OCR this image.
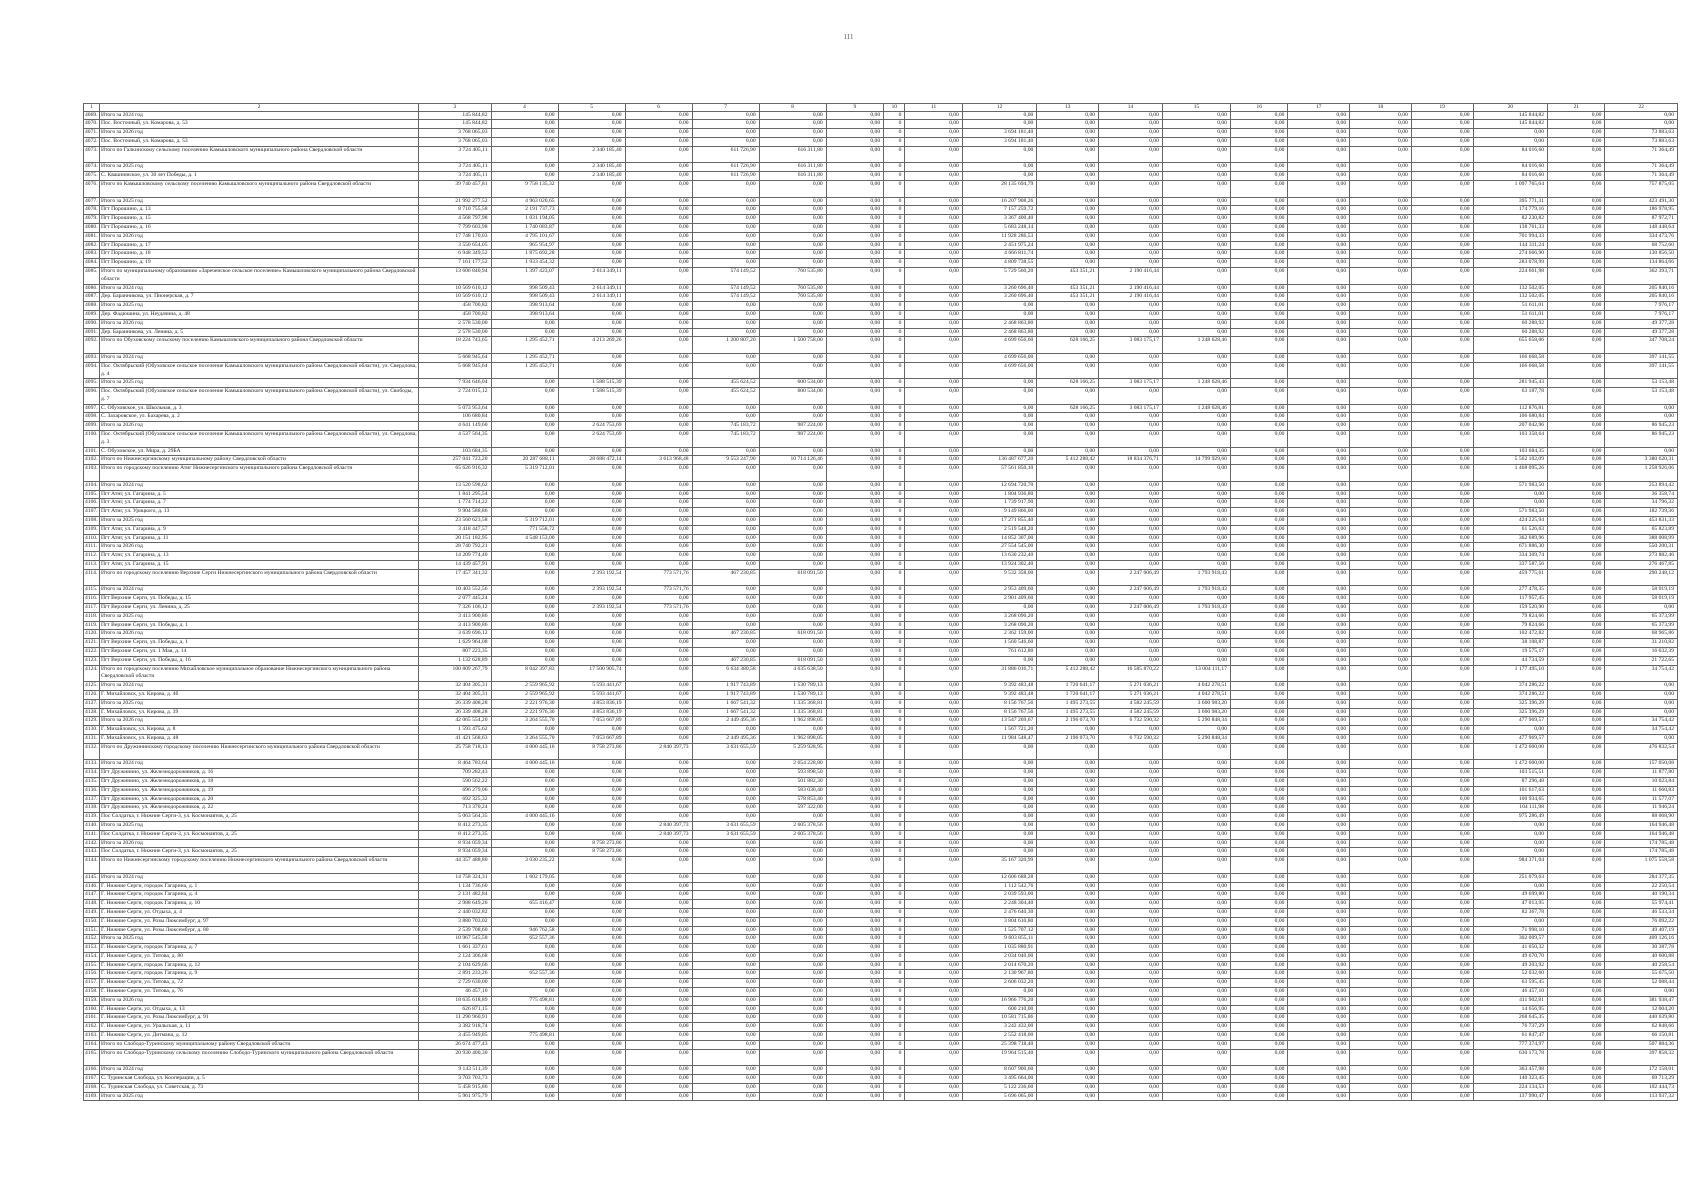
111
1	2	3	4	5	6	7	8	9	10	11	12	13	14	15	16	17	18	19	20	21	22
4069.	Итого за 2024 год	145 844,82	0,00	0,00	0,00	0,00	0,00	0,00	0	0,00	0,00	0,00	0,00	0,00	0,00	0,00	0,00	0,00	145 844,82	0,00	0,00
4070.	Пос. Восточный, ул. Комарова, д. 53	145 844,82	0,00	0,00	0,00	0,00	0,00	0,00	0	0,00	0,00	0,00	0,00	0,00	0,00	0,00	0,00	0,00	145 844,82	0,00	0,00
4071.	Итого за 2026 год	3 768 065,03	0,00	0,00	0,00	0,00	0,00	0,00	0	0,00	3 694 181,40	0,00	0,00	0,00	0,00	0,00	0,00	0,00	0,00	0,00	73 883,63
4072.	Пос. Восточный, ул. Комарова, д. 53	3 768 065,03	0,00	0,00	0,00	0,00	0,00	0,00	0	0,00	3 694 181,40	0,00	0,00	0,00	0,00	0,00	0,00	0,00	0,00	0,00	73 883,63
4073.	Итого по Галкинскому сельскому поселению Камышловского муниципального района Свердловской области	3 724 405,11	0,00	2 340 185,40	0,00	611 726,90	616 311,80	0,00	0	0,00	0,00	0,00	0,00	0,00	0,00	0,00	0,00	0,00	84 016,60	0,00	71 364,49
4074.	Итого за 2025 год	3 724 405,11	0,00	2 340 185,40	0,00	611 726,90	616 311,80	0,00	0	0,00	0,00	0,00	0,00	0,00	0,00	0,00	0,00	0,00	84 016,60	0,00	71 364,49
4075.	С. Квашнинское, ул. 30 лет Победы, д. 1	3 724 405,11	0,00	2 340 185,40	0,00	611 726,90	616 311,80	0,00	0	0,00	0,00	0,00	0,00	0,00	0,00	0,00	0,00	0,00	84 016,60	0,00	71 364,49
4076.	Итого по Камышловскому сельскому поселению Камышловского муниципального района Свердловской области	39 740 457,81	9 758 135,32	0,00	0,00	0,00	0,00	0,00	0	0,00	28 135 694,79	0,00	0,00	0,00	0,00	0,00	0,00	0,00	1 097 765,64	0,00	757 875,05
4077.	Итого за 2025 год	21 992 277,52	4 963 020,65	0,00	0,00	0,00	0,00	0,00	0	0,00	16 207 908,26	0,00	0,00	0,00	0,00	0,00	0,00	0,00	395 771,31	0,00	423 491,30
4078.	Пгт Порошино, д. 13	8 710 755,58	2 191 737,73	0,00	0,00	0,00	0,00	0,00	0	0,00	7 157 259,72	0,00	0,00	0,00	0,00	0,00	0,00	0,00	174 779,16	0,00	186 978,95
4079.	Пгт Порошино, д. 15	4 568 797,98	1 031 194,05	0,00	0,00	0,00	0,00	0,00	0	0,00	3 367 400,40	0,00	0,00	0,00	0,00	0,00	0,00	0,00	82 230,82	0,00	87 972,71
4080.	Пгт Порошино, д. 16	7 799 603,98	1 740 083,87	0,00	0,00	0,00	0,00	0,00	0	0,00	5 683 248,14	0,00	0,00	0,00	0,00	0,00	0,00	0,00	138 761,33	0,00	148 448,64
4081.	Итого за 2026 год	17 748 170,03	4 795 101,67	0,00	0,00	0,00	0,00	0,00	0	0,00	11 928 286,53	0,00	0,00	0,00	0,00	0,00	0,00	0,00	701 994,33	0,00	334 473,76
4082.	Пгт Порошино, д. 17	3 550 654,05	965 954,97	0,00	0,00	0,00	0,00	0,00	0	0,00	2 451 975,24	0,00	0,00	0,00	0,00	0,00	0,00	0,00	144 311,24	0,00	68 752,60
4083.	Пгт Порошино, д. 18	6 948 349,52	1 875 692,28	0,00	0,00	0,00	0,00	0,00	0	0,00	4 666 811,74	0,00	0,00	0,00	0,00	0,00	0,00	0,00	274 666,90	0,00	130 856,50
4084.	Пгт Порошино, д. 19	7 161 177,52	1 933 454,32	0,00	0,00	0,00	0,00	0,00	0	0,00	4 809 738,55	0,00	0,00	0,00	0,00	0,00	0,00	0,00	283 078,99	0,00	134 864,66
4085.	Итого по муниципальному образованию «Зареченское сельское поселение» Камышловского муниципального района Свердловской области	13 606 840,94	1 397 423,07	2 614 349,11	0,00	574 149,52	760 535,80	0,00	0	0,00	5 729 560,20	453 351,21	2 190 416,44	0,00	0,00	0,00	0,00	0,00	224 661,98	0,00	362 393,71
4086.	Итого за 2024 год	10 569 610,12	998 509,43	2 614 349,11	0,00	574 149,52	760 535,80	0,00	0	0,00	3 260 696,40	453 351,21	2 190 416,44	0,00	0,00	0,00	0,00	0,00	132 502,05	0,00	205 840,16
4087.	Дер. Баранникова, ул. Пионерская, д. 7	10 569 610,12	998 509,43	2 614 349,11	0,00	574 149,52	760 535,80	0,00	0	0,00	3 260 696,40	453 351,21	2 190 416,44	0,00	0,00	0,00	0,00	0,00	132 502,05	0,00	205 840,16
4088.	Итого за 2025 год	458 700,82	398 913,64	0,00	0,00	0,00	0,00	0,00	0	0,00	0,00	0,00	0,00	0,00	0,00	0,00	0,00	0,00	51 611,01	0,00	7 976,17
4089.	Дер. Фадюшина, ул. Неудачина, д. 48	458 700,82	398 913,64	0,00	0,00	0,00	0,00	0,00	0	0,00	0,00	0,00	0,00	0,00	0,00	0,00	0,00	0,00	51 611,01	0,00	7 976,17
4090.	Итого за 2026 год	2 578 530,00	0,00	0,00	0,00	0,00	0,00	0,00	0	0,00	2 468 863,80	0,00	0,00	0,00	0,00	0,00	0,00	0,00	60 288,92	0,00	49 377,28
4091.	Дер. Баранникова, ул. Ленина, д. 5	2 578 530,00	0,00	0,00	0,00	0,00	0,00	0,00	0	0,00	2 468 863,80	0,00	0,00	0,00	0,00	0,00	0,00	0,00	60 288,92	0,00	49 377,28
4092.	Итого по Обуховскому сельскому поселению Камышловского муниципального района Свердловской области	18 224 743,65	1 295 452,71	4 213 269,26	0,00	1 200 807,20	1 500 758,00	0,00	0	0,00	4 699 656,60	628 166,25	3 083 175,17	1 248 628,46	0,00	0,00	0,00	0,00	655 658,06	0,00	347 708,24
4093.	Итого за 2024 год	5 668 945,64	1 295 452,71	0,00	0,00	0,00	0,00	0,00	0	0,00	4 699 656,00	0,00	0,00	0,00	0,00	0,00	0,00	0,00	166 668,58	0,00	397 141,55
4094.	Пос. Октябрьский (Обуховское сельское поселение Камышловского муниципального района Свердловской области), ул. Свердлова, д. 4	5 668 945,64	1 295 452,71	0,00	0,00	0,00	0,00	0,00	0	0,00	4 699 656,00	0,00	0,00	0,00	0,00	0,00	0,00	0,00	166 668,58	0,00	397 141,55
4095.	Итого за 2025 год	7 934 646,04	0,00	1 588 515,39	0,00	455 624,52	600 534,00	0,00	0	0,00	0,00	628 166,25	3 083 175,17	1 248 628,46	0,00	0,00	0,00	0,00	281 945,43	0,00	53 153,48
4096.	Пос. Октябрьский (Обуховское сельское поселение Камышловского муниципального района Свердловской области), ул. Свободы, д. 7	2 724 015,12	0,00	1 588 515,39	0,00	455 624,52	600 534,00	0,00	0	0,00	0,00	0,00	0,00	0,00	0,00	0,00	0,00	0,00	63 187,78	0,00	53 153,48
4097.	С. Обуховское, ул. Школьная, д. 3	5 073 953,64	0,00	0,00	0,00	0,00	0,00	0,00	0	0,00	0,00	628 166,25	3 083 175,17	1 248 628,46	0,00	0,00	0,00	0,00	112 876,81	0,00	0,00
4098.	С. Захаровское, ул. Бахарева, д. 2	106 680,84	0,00	0,00	0,00	0,00	0,00	0,00	0	0,00	0,00	0,00	0,00	0,00	0,00	0,00	0,00	0,00	106 680,84	0,00	0,00
4099.	Итого за 2026 год	4 641 149,60	0,00	2 624 753,69	0,00	745 183,72	987 224,00	0,00	0	0,00	0,00	0,00	0,00	0,00	0,00	0,00	0,00	0,00	207 042,96	0,00	86 945,23
4100.	Пос. Октябрьский (Обуховское сельское поселение Камышловского муниципального района Свердловской области), ул. Свердлова, д. 3	4 537 564,35	0,00	2 624 753,69	0,00	745 183,72	987 224,00	0,00	0	0,00	0,00	0,00	0,00	0,00	0,00	0,00	0,00	0,00	103 358,64	0,00	86 945,23
4101.	С. Обуховское, ул. Мира, д. 29БА	103 684,35	0,00	0,00	0,00	0,00	0,00	0,00	0	0,00	0,00	0,00	0,00	0,00	0,00	0,00	0,00	0,00	103 684,35	0,00	0,00
4102.	Итого по Нижнесергинскому муниципальному району Свердловской области	257 041 723,20	20 287 688,11	28 688 472,14	3 613 968,48	9 553 247,90	10 714 126,46	0,00	0	0,00	136 487 677,20	5 412 288,42	18 834 376,71	14 799 929,60	0,00	0,00	0,00	0,00	5 562 102,09	0,00	3 380 620,31
4103.	Итого по городскому поселению Атиг Нижнесергинского муниципального района Свердловской области	65 626 916,32	5 319 712,01	0,00	0,00	0,00	0,00	0,00	0	0,00	57 561 850,10	0,00	0,00	0,00	0,00	0,00	0,00	0,00	1 468 095,26	0,00	1 258 926,06
4104.	Итого за 2024 год	13 520 598,62	0,00	0,00	0,00	0,00	0,00	0,00	0	0,00	12 694 720,70	0,00	0,00	0,00	0,00	0,00	0,00	0,00	571 983,50	0,00	253 894,42
4105.	Пгт Атиг, ул. Гагарина, д. 5	1 841 295,54	0,00	0,00	0,00	0,00	0,00	0,00	0	0,00	1 804 936,80	0,00	0,00	0,00	0,00	0,00	0,00	0,00	0,00	0,00	36 358,74
4106.	Пгт Атиг, ул. Гагарина, д. 7	1 774 714,22	0,00	0,00	0,00	0,00	0,00	0,00	0	0,00	1 739 917,90	0,00	0,00	0,00	0,00	0,00	0,00	0,00	0,00	0,00	34 796,32
4107.	Пгт Атиг, ул. Урицкого, д. 13	9 904 588,86	0,00	0,00	0,00	0,00	0,00	0,00	0	0,00	9 149 866,00	0,00	0,00	0,00	0,00	0,00	0,00	0,00	571 983,50	0,00	182 739,36
4108.	Итого за 2025 год	23 560 623,58	5 319 712,01	0,00	0,00	0,00	0,00	0,00	0	0,00	17 271 855,40	0,00	0,00	0,00	0,00	0,00	0,00	0,00	424 225,94	0,00	453 831,33
4109.	Пгт Атиг, ул. Гагарина, д. 9	3 418 447,57	771 558,72	0,00	0,00	0,00	0,00	0,00	0	0,00	2 519 548,20	0,00	0,00	0,00	0,00	0,00	0,00	0,00	61 526,63	0,00	65 823,89
4110.	Пгт Атиг, ул. Гагарина, д. 11	20 151 182,95	4 548 153,00	0,00	0,00	0,00	0,00	0,00	0	0,00	14 852 307,00	0,00	0,00	0,00	0,00	0,00	0,00	0,00	362 689,96	0,00	388 008,99
4111.	Итого за 2026 год	28 740 792,21	0,00	0,00	0,00	0,00	0,00	0,00	0	0,00	27 554 545,00	0,00	0,00	0,00	0,00	0,00	0,00	0,00	671 886,30	0,00	550 200,31
4112.	Пгт Атиг, ул. Гагарина, д. 13	14 209 774,40	0,00	0,00	0,00	0,00	0,00	0,00	0	0,00	13 630 232,40	0,00	0,00	0,00	0,00	0,00	0,00	0,00	334 309,74	0,00	273 882,46
4113.	Пгт Атиг, ул. Гагарина, д. 15	14 439 457,91	0,00	0,00	0,00	0,00	0,00	0,00	0	0,00	13 924 302,40	0,00	0,00	0,00	0,00	0,00	0,00	0,00	337 587,56	0,00	276 467,85
4114.	Итого по городскому поселению Верхние Серги Нижнесергинского муниципального района Свердловской области	17 457 341,32	0,00	2 393 192,54	773 571,76	467 230,85	618 091,50	0,00	0	0,00	9 532 358,00	0,00	2 247 006,49	1 793 918,43	0,00	0,00	0,00	0,00	459 775,61	0,00	290 248,12
4115.	Итого за 2024 год	10 403 552,56	0,00	2 393 192,54	773 571,76	0,00	0,00	0,00	0	0,00	2 953 409,60	0,00	2 247 006,49	1 793 918,43	0,00	0,00	0,00	0,00	277 478,35	0,00	58 019,19
4116.	Пгт Верхние Серги, ул. Победы, д. 15	2 077 445,24	0,00	0,00	0,00	0,00	0,00	0,00	0	0,00	2 901 409,60	0,00	0,00	0,00	0,00	0,00	0,00	0,00	117 957,45	0,00	58 019,19
4117.	Пгт Верхние Серги, ул. Ленина, д. 25	7 326 106,12	0,00	2 393 192,54	773 571,76	0,00	0,00	0,00	0	0,00	0,00	0,00	2 247 006,49	1 793 918,43	0,00	0,00	0,00	0,00	159 520,90	0,00	0,00
4118.	Итого за 2025 год	3 413 900,86	0,00	0,00	0,00	0,00	0,00	0,00	0	0,00	3 268 090,20	0,00	0,00	0,00	0,00	0,00	0,00	0,00	79 824,66	0,00	65 373,99
4119.	Пгт Верхние Серги, ул. Победы, д. 1	3 413 900,86	0,00	0,00	0,00	0,00	0,00	0,00	0	0,00	3 268 090,20	0,00	0,00	0,00	0,00	0,00	0,00	0,00	79 824,66	0,00	65 373,99
4120.	Итого за 2026 год	3 639 696,12	0,00	0,00	0,00	467 230,85	618 091,50	0,00	0	0,00	2 362 159,00	0,00	0,00	0,00	0,00	0,00	0,00	0,00	102 472,82	0,00	68 965,86
4121.	Пгт Верхние Серги, ул. Победы, д. 1	1 629 964,08	0,00	0,00	0,00	0,00	0,00	0,00	0	0,00	1 560 546,60	0,00	0,00	0,00	0,00	0,00	0,00	0,00	38 108,87	0,00	31 210,82
4122.	Пгт Верхние Серги, ул. 1 Мая, д. 14	807 223,35	0,00	0,00	0,00	0,00	0,00	0,00	0	0,00	761 612,80	0,00	0,00	0,00	0,00	0,00	0,00	0,00	19 575,17	0,00	16 032,39
4123.	Пгт Верхние Серги, ул. Победы, д. 16	1 132 628,89	0,00	0,00	0,00	467 230,85	618 091,50	0,00	0	0,00	0,00	0,00	0,00	0,00	0,00	0,00	0,00	0,00	44 734,59	0,00	21 722,65
4124.	Итого по городскому поселению Михайловское муниципальное образование Нижнесергинского муниципального района Свердловской области	100 809 267,79	8 042 397,83	17 500 905,74	0,00	6 634 380,58	4 635 638,50	0,00	0	0,00	31 886 016,71	5 412 288,42	16 585 870,22	13 004 111,17	0,00	0,00	0,00	0,00	1 177 495,10	0,00	34 754,42
4125.	Итого за 2024 год	32 404 305,31	2 559 965,92	5 593 441,67	0,00	1 917 743,89	1 530 789,13	0,00	0	0,00	9 392 483,48	1 720 641,17	5 271 036,21	4 042 278,51	0,00	0,00	0,00	0,00	374 286,22	0,00	0,00
4126.	Г. Михайловск, ул. Кирова, д. 4б	32 404 305,31	2 559 965,92	5 593 441,67	0,00	1 917 743,89	1 530 789,13	0,00	0	0,00	9 392 483,48	1 720 641,17	5 271 036,21	4 042 278,51	0,00	0,00	0,00	0,00	374 286,22	0,00	0,00
4127.	Итого за 2025 год	26 339 408,28	2 221 976,30	4 853 836,19	0,00	1 667 541,32	1 335 368,81	0,00	0	0,00	8 156 767,56	1 495 273,55	4 582 245,59	3 600 983,20	0,00	0,00	0,00	0,00	325 396,29	0,00	0,00
4128.	Г. Михайловск, ул. Кирова, д. 39	26 339 408,28	2 221 976,30	4 853 836,19	0,00	1 667 541,32	1 335 368,81	0,00	0	0,00	8 156 767,56	1 495 273,55	4 582 245,59	3 600 983,20	0,00	0,00	0,00	0,00	325 396,29	0,00	0,00
4129.	Итого за 2026 год	42 065 554,20	3 264 555,70	7 053 667,89	0,00	2 449 495,36	1 962 898,05	0,00	0	0,00	13 547 269,67	2 196 073,70	6 732 590,32	5 290 848,34	0,00	0,00	0,00	0,00	477 969,57	0,00	34 754,42
4130.	Г. Михайловск, ул. Кирова, д. 8	1 593 475,62	0,00	0,00	0,00	0,00	0,00	0,00	0	0,00	1 567 721,20	0,00	0,00	0,00	0,00	0,00	0,00	0,00	0,00	0,00	34 754,42
4131.	Г. Михайловск, ул. Кирова, д. 48	41 421 568,63	3 264 555,70	7 053 667,89	0,00	2 449 495,36	1 962 898,05	0,00	0	0,00	11 984 548,47	2 196 073,70	6 732 590,32	5 290 848,34	0,00	0,00	0,00	0,00	477 969,57	0,00	0,00
4132.	Итого по Дружининскому городскому поселению Нижнесергинского муниципального района Свердловской области	25 758 718,13	4 000 445,16	8 758 273,86	2 840 397,73	3 631 655,59	5 259 928,95	0,00	0	0,00	0,00	0,00	0,00	0,00	0,00	0,00	0,00	0,00	1 472 600,00	0,00	476 832,54
4133.	Итого за 2024 год	8 464 783,64	4 000 445,16	0,00	0,00	0,00	2 654 228,80	0,00	0	0,00	0,00	0,00	0,00	0,00	0,00	0,00	0,00	0,00	1 472 600,00	0,00	157 050,08
4134.	Пгт Дружинино, ул. Железнодорожников, д. 16	709 282,43	0,00	0,00	0,00	0,00	593 898,50	0,00	0	0,00	0,00	0,00	0,00	0,00	0,00	0,00	0,00	0,00	103 515,51	0,00	11 877,80
4135.	Пгт Дружинино, ул. Железнодорожников, д. 18	590 562,22	0,00	0,00	0,00	0,00	501 882,30	0,00	0	0,00	0,00	0,00	0,00	0,00	0,00	0,00	0,00	0,00	87 296,48	0,00	10 023,84
4136.	Пгт Дружинино, ул. Железнодорожников, д. 19	696 279,06	0,00	0,00	0,00	0,00	583 030,40	0,00	0	0,00	0,00	0,00	0,00	0,00	0,00	0,00	0,00	0,00	101 617,63	0,00	11 660,83
4137.	Пгт Дружинино, ул. Железнодорожников, д. 20	692 325,32	0,00	0,00	0,00	0,00	578 853,40	0,00	0	0,00	0,00	0,00	0,00	0,00	0,00	0,00	0,00	0,00	100 934,65	0,00	11 577,07
4138.	Пгт Дружинино, ул. Железнодорожников, д. 22	713 370,24	0,00	0,00	0,00	0,00	597 322,00	0,00	0	0,00	0,00	0,00	0,00	0,00	0,00	0,00	0,00	0,00	104 111,98	0,00	11 946,24
4139.	Пос Солдатка, г. Нижние Серги-3, ул. Космонавтов, д. 25	5 063 564,35	4 000 445,16	0,00	0,00	0,00	0,00	0,00	0	0,00	0,00	0,00	0,00	0,00	0,00	0,00	0,00	0,00	975 286,49	0,00	88 068,90
4140.	Итого за 2025 год	8 412 273,35	0,00	0,00	2 840 397,73	3 631 655,59	2 605 378,56	0,00	0	0,00	0,00	0,00	0,00	0,00	0,00	0,00	0,00	0,00	0,00	0,00	164 946,48
4141.	Пос Солдатка, г. Нижние Серги-3, ул. Космонавтов, д. 25	8 412 273,35	0,00	0,00	2 840 397,73	3 631 655,59	2 605 378,56	0,00	0	0,00	0,00	0,00	0,00	0,00	0,00	0,00	0,00	0,00	0,00	0,00	164 946,48
4142.	Итого за 2026 год	8 934 059,34	0,00	8 758 273,86	0,00	0,00	0,00	0,00	0	0,00	0,00	0,00	0,00	0,00	0,00	0,00	0,00	0,00	0,00	0,00	174 785,48
4143.	Пос Солдатка, г. Нижние Серги-3, ул. Космонавтов, д. 25	8 934 059,34	0,00	8 758 273,86	0,00	0,00	0,00	0,00	0	0,00	0,00	0,00	0,00	0,00	0,00	0,00	0,00	0,00	0,00	0,00	174 785,48
4144.	Итого по Нижнесергинскому городскому поселению Нижнесергинского муниципального района Свердловской области	44 357 488,80	3 030 235,22	0,00	0,00	0,00	0,00	0,00	0	0,00	35 167 320,99	0,00	0,00	0,00	0,00	0,00	0,00	0,00	984 371,04	0,00	1 075 558,58
4145.	Итого за 2024 год	14 758 324,31	1 602 179,05	0,00	0,00	0,00	0,00	0,00	0	0,00	12 606 688,28	0,00	0,00	0,00	0,00	0,00	0,00	0,00	251 079,63	0,00	284 377,35
4146.	Г. Нижние Серги, городок Гагарина, д. 1	1 134 736,60	0,00	0,00	0,00	0,00	0,00	0,00	0	0,00	1 112 542,76	0,00	0,00	0,00	0,00	0,00	0,00	0,00	0,00	0,00	22 250,54
4147.	Г. Нижние Серги, городок Гагарина, д. 4	2 131 482,84	0,00	0,00	0,00	0,00	0,00	0,00	0	0,00	2 039 593,00	0,00	0,00	0,00	0,00	0,00	0,00	0,00	49 699,80	0,00	40 190,34
4148.	Г. Нижние Серги, городок Гагарина, д. 10	2 988 649,26	655 416,47	0,00	0,00	0,00	0,00	0,00	0	0,00	2 248 304,40	0,00	0,00	0,00	0,00	0,00	0,00	0,00	47 013,95	0,00	55 974,41
4149.	Г. Нижние Серги, ул. Отдыха, д. 4	2 440 032,82	0,00	0,00	0,00	0,00	0,00	0,00	0	0,00	2 476 640,30	0,00	0,00	0,00	0,00	0,00	0,00	0,00	82 367,78	0,00	46 533,34
4150.	Г. Нижние Серги, ул. Розы Люксембург, д. 97	3 880 703,02	0,00	0,00	0,00	0,00	0,00	0,00	0	0,00	3 804 610,80	0,00	0,00	0,00	0,00	0,00	0,00	0,00	0,00	0,00	76 092,22
4151.	Г. Нижние Серги, ул. Розы Люксембург, д. 80	2 539 708,60	946 762,58	0,00	0,00	0,00	0,00	0,00	0	0,00	1 525 707,12	0,00	0,00	0,00	0,00	0,00	0,00	0,00	71 998,10	0,00	49 407,19
4152.	Итого за 2025 год	10 967 545,58	652 557,36	0,00	0,00	0,00	0,00	0,00	0	0,00	9 603 855,11	0,00	0,00	0,00	0,00	0,00	0,00	0,00	302 009,57	0,00	409 126,16
4153.	Г. Нижние Серги, городок Гагарина, д. 7	1 661 337,61	0,00	0,00	0,00	0,00	0,00	0,00	0	0,00	1 035 880,91	0,00	0,00	0,00	0,00	0,00	0,00	0,00	41 050,32	0,00	30 387,78
4154.	Г. Нижние Серги, ул. Титова, д. 80	2 124 306,68	0,00	0,00	0,00	0,00	0,00	0,00	0	0,00	2 034 040,00	0,00	0,00	0,00	0,00	0,00	0,00	0,00	49 670,70	0,00	40 600,88
4155.	Г. Нижние Серги, городок Гагарина, д. 12	2 104 629,66	0,00	0,00	0,00	0,00	0,00	0,00	0	0,00	2 014 670,20	0,00	0,00	0,00	0,00	0,00	0,00	0,00	49 203,92	0,00	40 258,54
4156.	Г. Нижние Серги, городок Гагарина, д. 9	2 891 233,26	652 557,36	0,00	0,00	0,00	0,00	0,00	0	0,00	2 130 967,80	0,00	0,00	0,00	0,00	0,00	0,00	0,00	52 032,60	0,00	55 675,50
4157.	Г. Нижние Серги, ул. Титова, д. 72	2 729 630,00	0,00	0,00	0,00	0,00	0,00	0,00	0	0,00	2 606 032,20	0,00	0,00	0,00	0,00	0,00	0,00	0,00	63 595,45	0,00	52 088,44
4158.	Г. Нижние Серги, ул. Титова, д. 76	46 457,10	0,00	0,00	0,00	0,00	0,00	0,00	0	0,00	0,00	0,00	0,00	0,00	0,00	0,00	0,00	0,00	46 457,10	0,00	0,00
4159.	Итого за 2026 год	18 635 618,89	775 498,81	0,00	0,00	0,00	0,00	0,00	0	0,00	16 966 776,20	0,00	0,00	0,00	0,00	0,00	0,00	0,00	411 902,81	0,00	381 938,47
4160.	Г. Нижние Серги, ул. Отдыха, д. 13	626 871,15	0,00	0,00	0,00	0,00	0,00	0,00	0	0,00	600 210,00	0,00	0,00	0,00	0,00	0,00	0,00	0,00	14 656,95	0,00	12 004,20
4161.	Г. Нижние Серги, ул. Розы Люксембург, д. 91	11 290 960,91	0,00	0,00	0,00	0,00	0,00	0,00	0	0,00	10 581 715,86	0,00	0,00	0,00	0,00	0,00	0,00	0,00	268 645,35	0,00	440 639,80
4162.	Г. Нижние Серги, ул. Уральская, д. 11	3 382 918,74	0,00	0,00	0,00	0,00	0,00	0,00	0	0,00	3 242 432,00	0,00	0,00	0,00	0,00	0,00	0,00	0,00	76 737,29	0,00	62 848,66
4163.	Г. Нижние Серги, ул. Дитмана, д. 12	3 455 949,85	775 498,81	0,00	0,00	0,00	0,00	0,00	0	0,00	2 552 418,00	0,00	0,00	0,00	0,00	0,00	0,00	0,00	61 847,47	0,00	66 150,81
4164.	Итого по Слободо-Туринскому муниципальному району Свердловской области	26 674 477,43	0,00	0,00	0,00	0,00	0,00	0,00	0	0,00	25 398 718,40	0,00	0,00	0,00	0,00	0,00	0,00	0,00	777 374,97	0,00	507 884,36
4165.	Итого по Слободо-Туринскому сельскому поселению Слободо-Туринского муниципального района Свердловской области	20 930 400,30	0,00	0,00	0,00	0,00	0,00	0,00	0	0,00	19 964 515,40	0,00	0,00	0,00	0,00	0,00	0,00	0,00	630 173,78	0,00	397 858,32
4166.	Итого за 2024 год	9 143 511,39	0,00	0,00	0,00	0,00	0,00	0,00	0	0,00	8 607 900,60	0,00	0,00	0,00	0,00	0,00	0,00	0,00	363 457,98	0,00	172 158,01
4167.	С. Туринская Слобода, ул. Кооперации, д. 5	3 703 703,73	0,00	0,00	0,00	0,00	0,00	0,00	0	0,00	3 495 664,00	0,00	0,00	0,00	0,00	0,00	0,00	0,00	140 323,45	0,00	69 713,29
4168.	С. Туринская Слобода, ул. Советская, д. 73	5 458 915,86	0,00	0,00	0,00	0,00	0,00	0,00	0	0,00	5 122 236,60	0,00	0,00	0,00	0,00	0,00	0,00	0,00	224 134,53	0,00	102 444,73
4169.	Итого за 2025 год	5 961 975,79	0,00	0,00	0,00	0,00	0,00	0,00	0	0,00	5 696 065,00	0,00	0,00	0,00	0,00	0,00	0,00	0,00	137 990,47	0,00	113 937,32
